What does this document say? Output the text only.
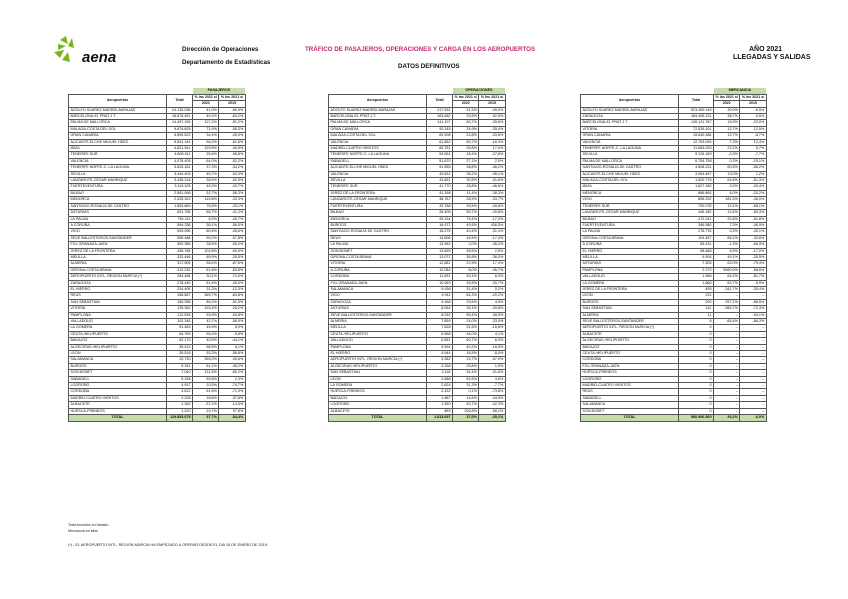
aena	Dirección de Operaciones
Departamento de Estadísticas
TRÁFICO DE PASAJEROS, OPERACIONES Y CARGA EN LOS AEROPUERTOS
DATOS DEFINITIVOS
AÑO 2021
LLEGADAS Y SALIDAS
		PASAJEROS	
Aeropuertos	Total	% Inc 2021 s/	% Inc 2021 s/
		2020	2019
ADOLFO SUAREZ MADRID-BARAJAS	24.135.038	41,0%	-60,9%
BARCELONA-EL PRAT J.T.	18.875.451	49,2%	-64,2%
PALMA DE MALLORCA	14.497.159	127,2%	-51,2%
MALAGA-COSTA DEL SOL	9.874.825	71,9%	-55,3%
GRAN CANARIA	6.899.522	34,4%	-49,0%
ALICANTE-ELCHE MIGUEL HDEZ.	5.841.144	56,2%	-61,6%
IBIZA	4.831.941	129,9%	-40,5%
TENERIFE SUR	4.806.911	25,6%	-58,8%
VALENCIA	4.078.405	64,0%	-52,2%
TENERIFE NORTE-C. LA LAGUNA	3.843.161	37,3%	-34,2%
SEVILLA	3.444.405	45,7%	-54,3%
LANZAROTE-CESAR MANRIQUE	3.438.218	35,5%	-52,9%
FUERTEVENTURA	3.114.105	45,2%	-42,7%
BILBAO	2.581.068	52,7%	-56,3%
MENORCA	2.325.322	115,8%	-33,3%
SANTIAGO-ROSALIA DE CASTRO	1.653.669	76,5%	-43,1%
ASTURIAS	831.756	66,7%	-41,2%
LA PALMA	761.111	5,0%	-40,7%
A CORUÑA	594.338	36,1%	-56,0%
VIGO	549.096	80,6%	-45,6%
SEVE BALLESTEROS-SANTANDER	555.488	50,2%	-57,8%
FGL GRANADA-JAEN	592.356	28,9%	-59,2%
JEREZ DE LA FRONTERA	438.768	102,8%	-60,9%
MELILLA	332.446	69,9%	-20,5%
ALMERIA	317.509	58,4%	-67,6%
GIRONA-COSTA BRAVA	312.232	61,5%	-83,8%
AEROPUERTO INTL. REGION MURCIA (*)	283.458	30,1%	-74,0%
ZARAGOZA	278.440	61,6%	-40,0%
EL HIERRO	234.405	31,3%	-12,3%
REUS	158.687	369,7%	-84,8%
SAN SEBASTIAN	155.358	85,2%	-51,5%
VITORIA	125.362	193,4%	-26,2%
PAMPLONA	112.538	53,9%	-53,8%
VALLADOLID	102.345	42,7%	-58,9%
LA GOMERA	91.463	45,9%	5,0%
CEUTA /HELIPUERTO	64.759	55,4%	-9,6%
BADAJOZ	62.170	40,6%	-44,1%
ALGECIRAS /HELIPUERTO	35.412	58,5%	6,1%
LEON	28.518	53,3%	-56,8%
SALAMANCA	10.730	355,0%	-39,6%
BURGOS	9.161	61,1%	-46,2%
SON BONET	7.040	131,5%	-80,2%
SABADELL	5.156	59,8%	2,3%
LOGROÑO	4.917	10,5%	-74,7%
CORDOBA	3.812	61,6%	-71,9%
MADRID-CUATRO VIENTOS	2.228	18,6%	-37,8%
ALBACETE	1.382	-37,2%	-14,5%
HUESCA-PIRINEOS	1.220	19,7%	97,6%
TOTAL	119.853.075	57,7%	-54,4%
		OPERACIONES	
Aeropuertos	Total	% Inc 2021 s/	% Inc 2021 s/
		2020	2019
ADOLFO SUAREZ MADRID-BARAJAS	217.591	31,3%	-49,0%
BARCELONA-EL PRAT J.T.	163.662	33,5%	-52,5%
PALMA DE MALLORCA	141.107	83,7%	-35,6%
GRAN CANARIA	92.345	34,9%	-35,4%
MALAGA-COSTA DEL SOL	83.908	24,8%	-33,6%
VALENCIA	61.862	65,7%	-16,3%
MADRID-CUATRO VIENTOS	60.751	35,8%	17,0%
TENERIFE NORTE-C. LA LAGUNA	54.561	18,4%	-27,8%
SABADELL	51.870	27,1%	2,0%
ALICANTE-ELCHE MIGUEL HDEZ.	51.555	38,8%	-46,2%
VALENCIA	49.631	38,2%	-36,1%
SEVILLA	43.651	30,5%	-31,6%
TENERIFE SUR	41.770	28,8%	-46,6%
JEREZ DE LA FRONTERA	41.398	11,4%	-38,3%
LANZAROTE-CESAR MANRIQUE	38.767	28,9%	-33,7%
FUERTEVENTURA	33.786	39,5%	-28,8%
BILBAO	28.405	55,7%	-40,8%
MENORCA	26.134	79,4%	-17,3%
BURGOS	16.971	49,5%	436,5%
SANTIAGO-ROSALIA DE CASTRO	15.276	40,4%	-31,4%
REUS	14.606	16,5%	-17,4%
LA PALMA	13.962	2,0%	-36,2%
SON BONET	13.699	36,5%	2,5%
GIRONA-COSTA BRAVA	13.071	36,8%	-36,0%
VITORIA	12.881	22,9%	17,4%
A CORUÑA	12.084	8,0%	-36,7%
CORDOBA	11.591	39,1%	6,0%
FGL GRANADA-JAEN	10.063	26,5%	-30,7%
SALAMANCA	9.936	31,4%	5,2%
VIGO	9.911	64,3%	-20,2%
ZARAGOZA	9.166	29,6%	4,5%
ASTURIAS	8.054	35,1%	-39,8%
SEVE BALLESTEROS-SANTANDER	8.032	55,4%	-38,5%
ALMERIA	7.859	24,0%	-33,0%
MELILLA	7.628	31,6%	-16,8%
CEUTA /HELIPUERTO	6.556	34,0%	4,1%
VALLADOLID	5.651	60,7%	6,0%
PAMPLONA	5.594	40,2%	-16,5%
EL HIERRO	4.944	16,5%	-8,0%
AEROPUERTO INTL. REGION MURCIA (*)	3.382	19,7%	-57,0%
ALGECIRAS /HELIPUERTO	3.266	25,8%	1,9%
SAN SEBASTIAN	3.118	34,4%	-31,8%
LEON	2.888	52,6%	4,6%
LA GOMERA	2.624	31,3%	-7,7%
HUESCA-PIRINEOS	2.432	0,1%	-73,8%
BADAJOZ	1.887	14,6%	-34,5%
LOGROÑO	1.350	40,7%	-42,3%
ALBACETE	865	206,8%	-58,2%
TOTAL	1.813.697	37,0%	-35,1%
		MERCANCIA	
Aeropuertos	Total	% Inc 2021 s/	% Inc 2021 s/
		2020	2019
ADOLFO SUAREZ MADRID-BARAJAS	523.460.145	30,0%	-6,5%
ZARAGOZA	184.495.131	38,7%	6,5%
BARCELONA-EL PRAT J.T.	136.131.787	15,9%	-23,0%
VITORIA	72.539.101	12,7%	12,5%
GRAN CANARIA	15.640.386	13,7%	-8,7%
VALENCIA	12.753.093	7,3%	12,4%
TENERIFE NORTE-C. LA LAGUNA	11.684.033	23,2%	5,7%
SEVILLA	9.126.169	-0,3%	-7,7%
PALMA DE MALLORCA	6.754.758	0,3%	-25,1%
SANTIAGO-ROSALIA DE CASTRO	4.608.231	60,6%	-56,2%
ALICANTE-ELCHE MIGUEL HDEZ.	3.964.467	13,0%	1,2%
MALAGA-COSTA DEL SOL	1.500.776	64,6%	-51,3%
IBIZA	1.627.180	2,0%	-20,4%
MENORCA	886.863	6,0%	-20,2%
VIGO	806.292	181,5%	-46,0%
TENERIFE SUR	700.078	13,1%	-68,1%
LANZAROTE-CESAR MANRIQUE	496.182	14,6%	-65,3%
BILBAO	472.241	22,8%	-51,8%
FUERTEVENTURA	366.580	7,3%	-46,9%
LA PALMA	276.776	0,2%	-40,1%
GIRONA-COSTA BRAVA	104.457	66,1%	-30,6%
A CORUÑA	65.431	-1,3%	-66,9%
EL HIERRO	58.666	6,5%	-17,0%
MELILLA	9.904	49,1%	-35,5%
ASTURIAS	7.305	63,0%	-79,4%
PAMPLONA	2.270	5060,9%	-88,6%
VALLADOLID	1.968	64,2%	-81,7%
LA GOMERA	1.660	63,7%	-9,9%
JEREZ DE LA FRONTERA	455	-341,7%	-35,4%
LEON	231	–	–
BURGOS	200	257,1%	-86,5%
SAN SEBASTIAN	112	-366,7%	-72,3%
ALMERIA	11	–	-94,1%
SEVE BALLESTEROS-SANTANDER	8	-65,4%	-86,3%
AEROPUERTO INTL. REGION MURCIA (*)	0	–	–
ALBACETE	0	–	–
ALGECIRAS /HELIPUERTO	0	–	–
BADAJOZ	0	–	–
CEUTA /HELIPUERTO	0	–	–
CORDOBA	0	–	–
FGL GRANADA-JAEN	0	–	–
HUESCA-PIRINEOS	0	–	–
LOGROÑO	0	–	–
MADRID-CUATRO VIENTOS	0	–	–
REUS	0	–	–
SABADELL	0	–	–
SALAMANCA	0	–	–
SON BONET	0	–	–
TOTAL	980.996.569	26,2%	-6,0%
Total incluidos en tránsito
Mercancía en kilos
(*) - EL AEROPUERTO INTL. REGION MURCIA HA EMPEZADO A OPERAR DESDE EL DIA 15 DE ENERO DE 2019.
